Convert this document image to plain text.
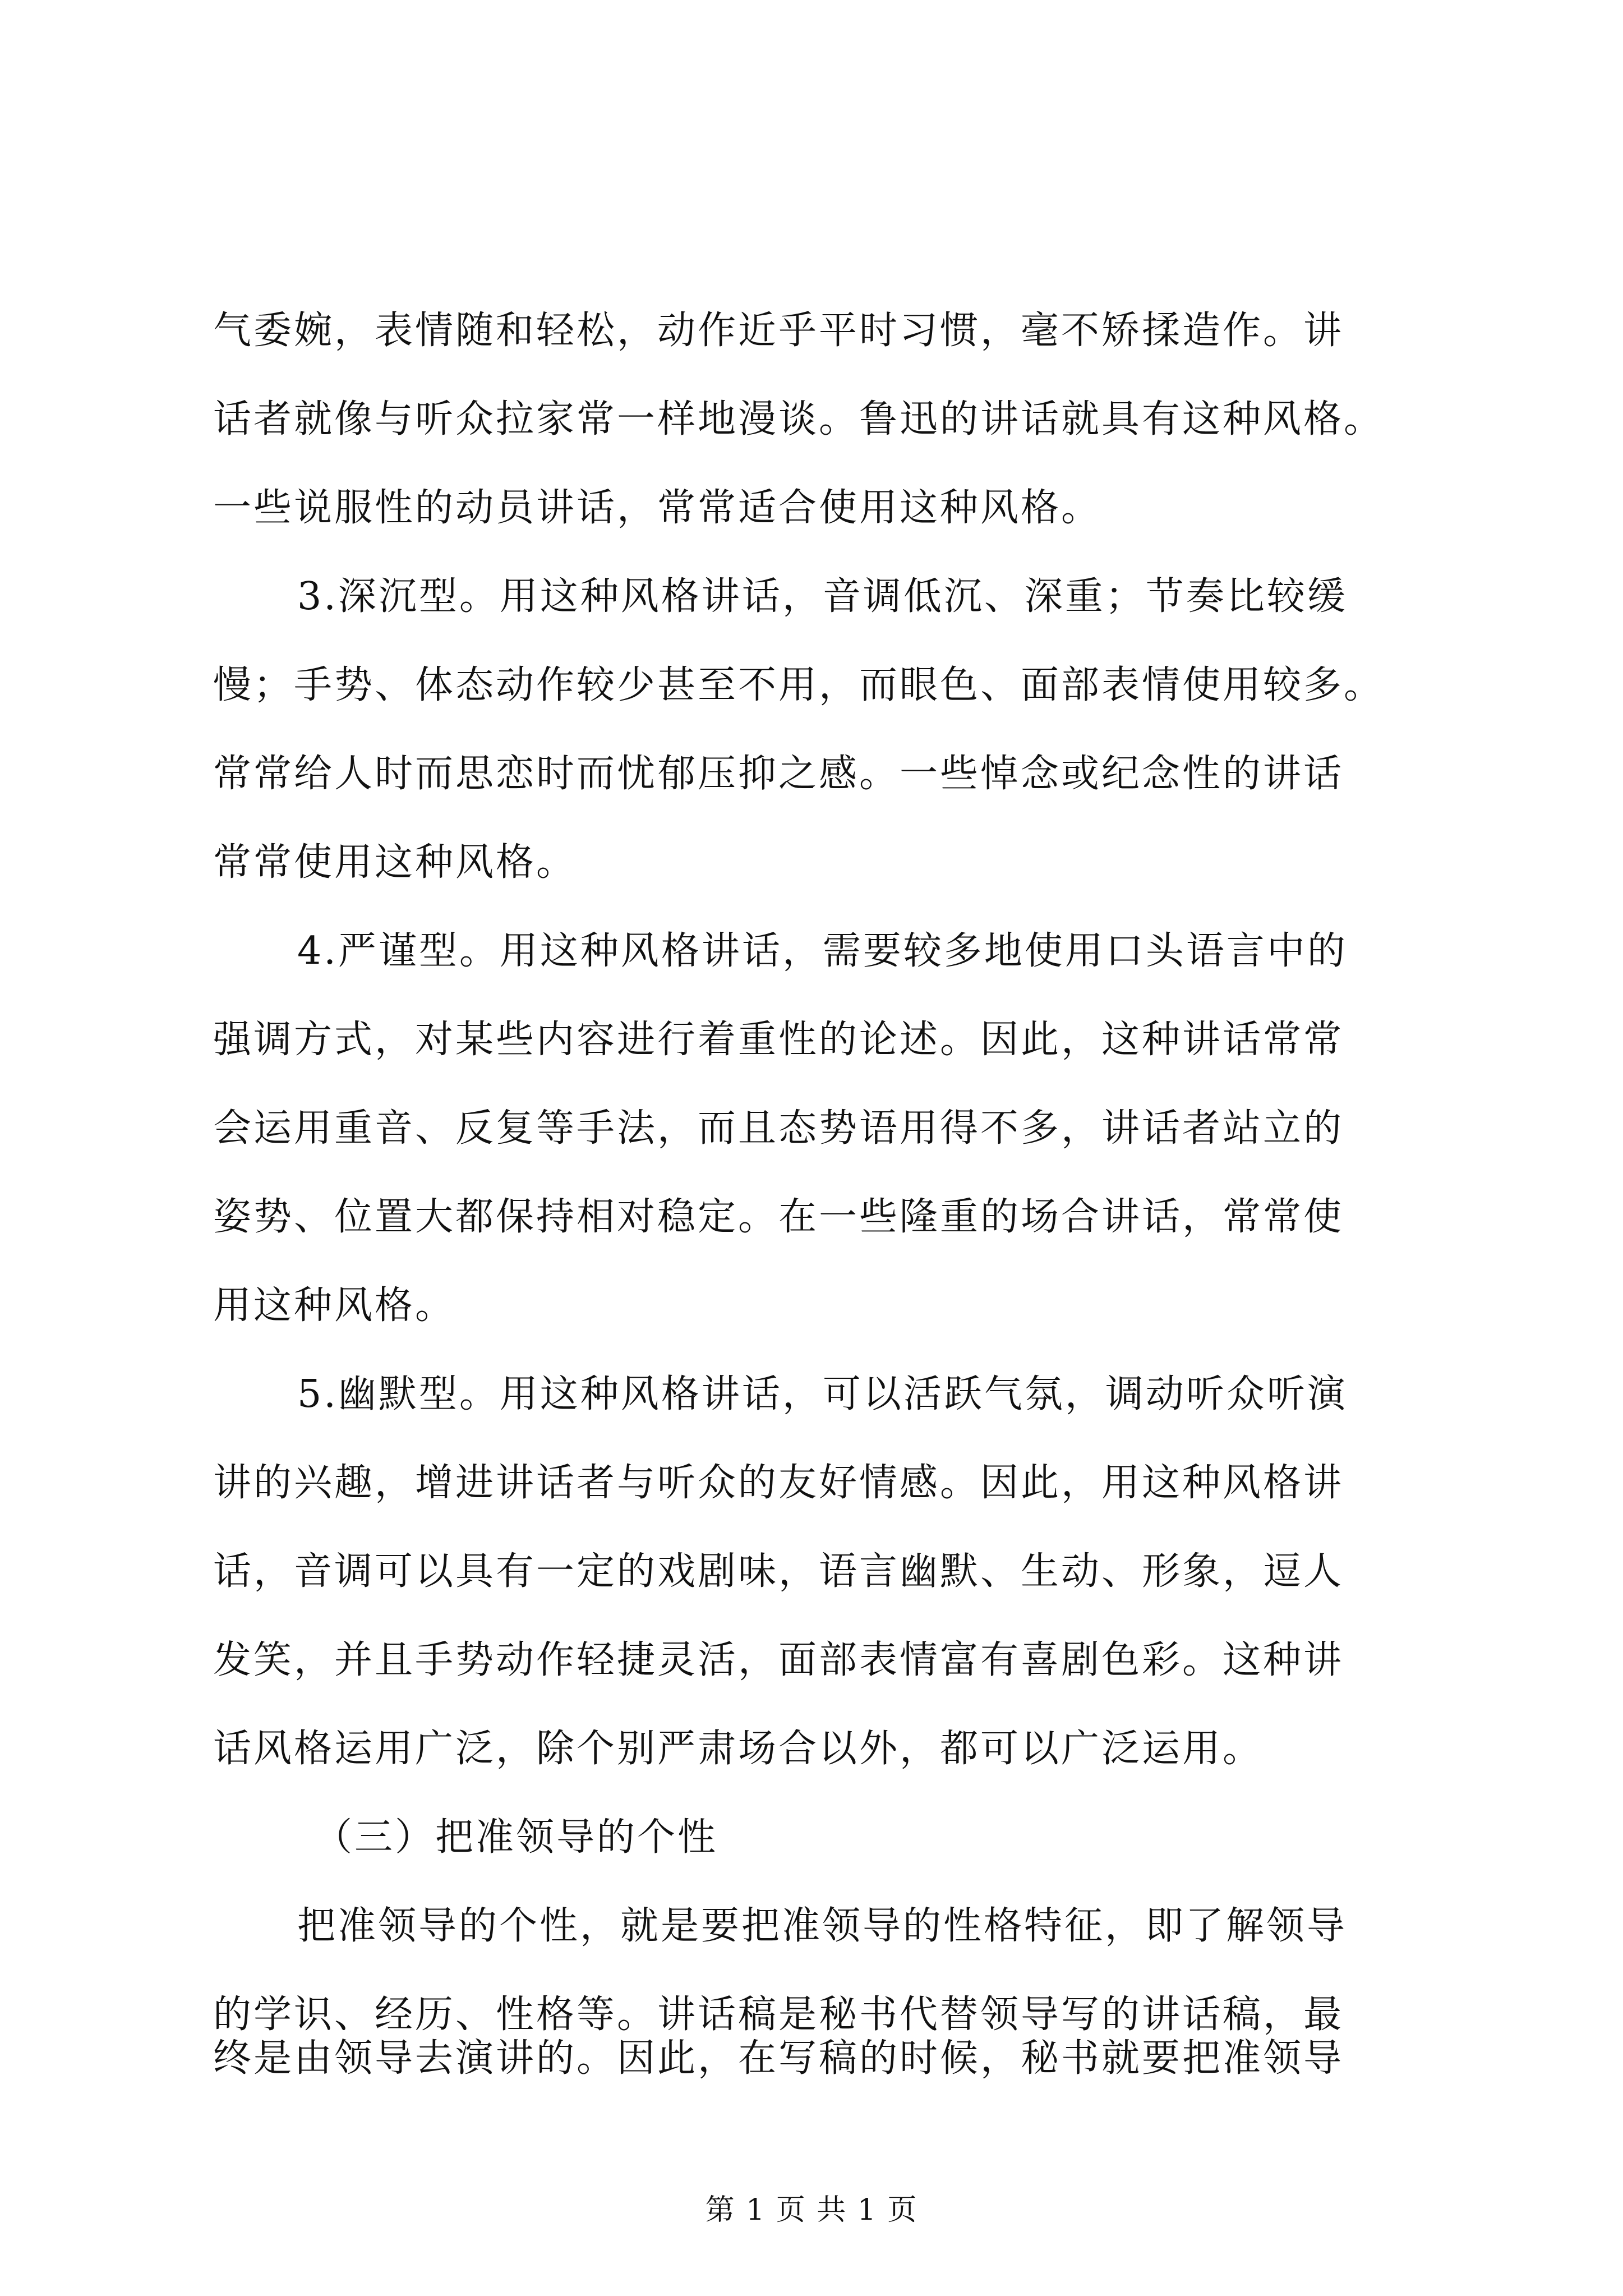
气委婉，表情随和轻松，动作近乎平时习惯，毫不矫揉造作。讲
话者就像与听众拉家常一样地漫谈。鲁迅的讲话就具有这种风格。
一些说服性的动员讲话，常常适合使用这种风格。
3.深沉型。用这种风格讲话，音调低沉、深重；节奏比较缓
慢；手势、体态动作较少甚至不用，而眼色、面部表情使用较多。
常常给人时而思恋时而忧郁压抑之感。一些悼念或纪念性的讲话
常常使用这种风格。
4.严谨型。用这种风格讲话，需要较多地使用口头语言中的
强调方式，对某些内容进行着重性的论述。因此，这种讲话常常
会运用重音、反复等手法，而且态势语用得不多，讲话者站立的
姿势、位置大都保持相对稳定。在一些隆重的场合讲话，常常使
用这种风格。
5.幽默型。用这种风格讲话，可以活跃气氛，调动听众听演
讲的兴趣，增进讲话者与听众的友好情感。因此，用这种风格讲
话，音调可以具有一定的戏剧味，语言幽默、生动、形象，逗人
发笑，并且手势动作轻捷灵活，面部表情富有喜剧色彩。这种讲
话风格运用广泛，除个别严肃场合以外，都可以广泛运用。
（三）把准领导的个性
把准领导的个性，就是要把准领导的性格特征，即了解领导
的学识、经历、性格等。讲话稿是秘书代替领导写的讲话稿，最
终是由领导去演讲的。因此，在写稿的时候，秘书就要把准领导
第 1 页 共 1 页
